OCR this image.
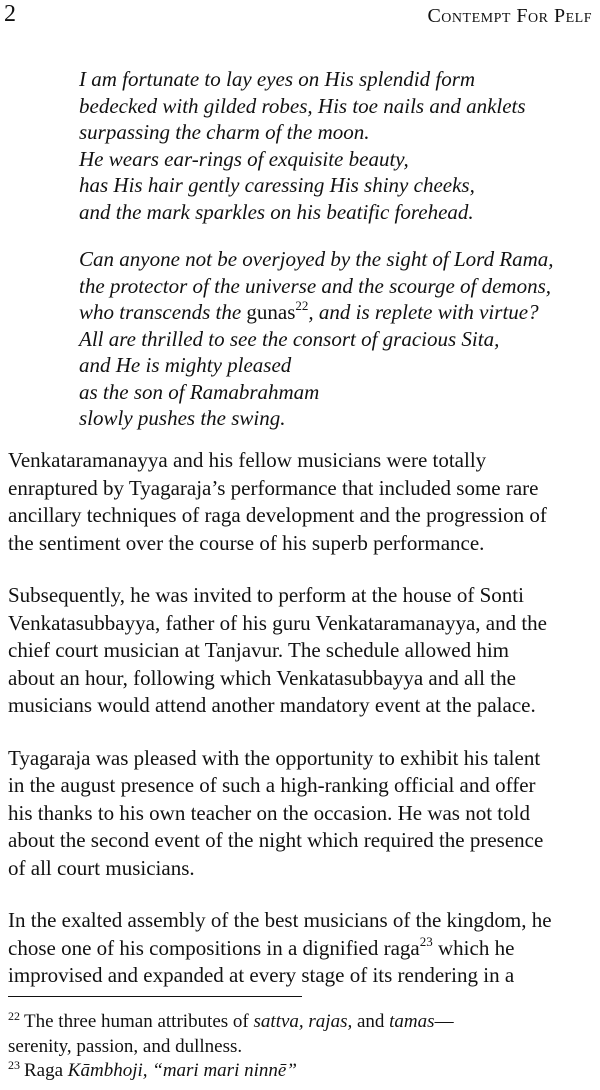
2	Contempt For Pelf
I am fortunate to lay eyes on His splendid form
bedecked with gilded robes, His toe nails and anklets
surpassing the charm of the moon.
He wears ear-rings of exquisite beauty,
has His hair gently caressing His shiny cheeks,
and the mark sparkles on his beatific forehead.
Can anyone not be overjoyed by the sight of Lord Rama,
the protector of the universe and the scourge of demons,
who transcends the gunas$^{22}$, and is replete with virtue?
All are thrilled to see the consort of gracious Sita,
and He is mighty pleased
as the son of Ramabrahmam
slowly pushes the swing.

Venkataramanayya and his fellow musicians were totally
enraptured by Tyagaraja’s performance that included some rare
ancillary techniques of raga development and the progression of
the sentiment over the course of his superb performance.

Subsequently, he was invited to perform at the house of Sonti
Venkatasubbayya, father of his guru Venkataramanayya, and the
chief court musician at Tanjavur. The schedule allowed him
about an hour, following which Venkatasubbayya and all the
musicians would attend another mandatory event at the palace.

Tyagaraja was pleased with the opportunity to exhibit his talent
in the august presence of such a high-ranking official and offer
his thanks to his own teacher on the occasion. He was not told
about the second event of the night which required the presence
of all court musicians.

In the exalted assembly of the best musicians of the kingdom, he
chose one of his compositions in a dignified raga$^{23}$ which he
improvised and expanded at every stage of its rendering in a

$^{22}$ The three human attributes of sattva, rajas, and tamas—
serenity, passion, and dullness.

$^{23}$ Raga Kāmbhoji, “mari mari ninnē”
